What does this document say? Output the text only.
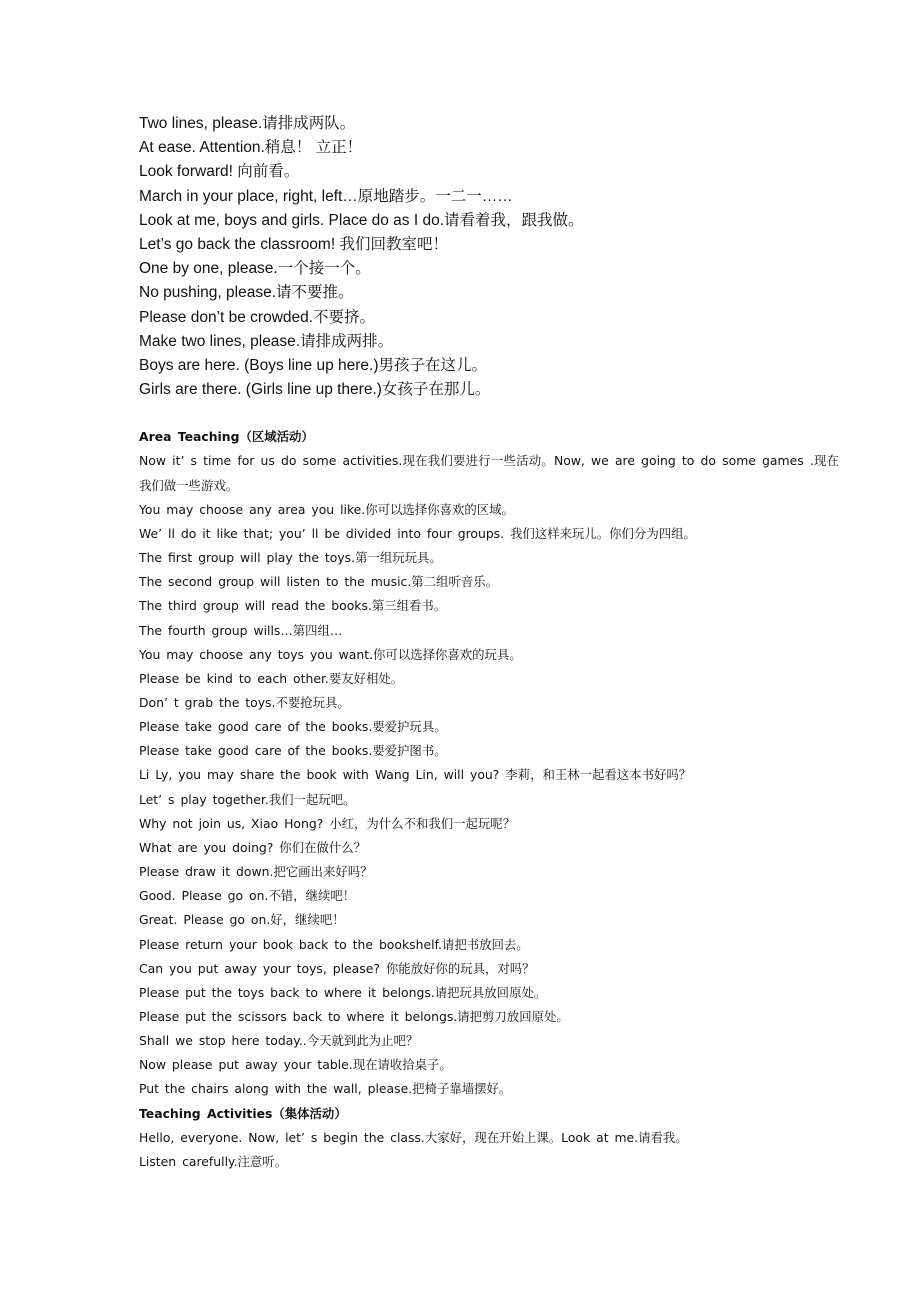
Two lines, please.请排成两队。
At ease. Attention.稍息！ 立正！
Look forward! 向前看。
March in your place, right, left…原地踏步。一二一……
Look at me, boys and girls. Place do as I do.请看着我，跟我做。
Let’s go back the classroom! 我们回教室吧！
One by one, please.一个接一个。
No pushing, please.请不要推。
Please don’t be crowded.不要挤。
Make two lines, please.请排成两排。
Boys are here. (Boys line up here.)男孩子在这儿。
Girls are there. (Girls line up there.)女孩子在那儿。
Area Teaching（区域活动）
Now it’ s time for us do some activities.现在我们要进行一些活动。Now, we are going to do some games .现在我们做一些游戏。
You may choose any area you like.你可以选择你喜欢的区域。
We’ ll do it like that; you’ ll be divided into four groups. 我们这样来玩儿。你们分为四组。
The first group will play the toys.第一组玩玩具。
The second group will listen to the music.第二组听音乐。
The third group will read the books.第三组看书。
The fourth group wills…第四组…
You may choose any toys you want.你可以选择你喜欢的玩具。
Please be kind to each other.要友好相处。
Don’ t grab the toys.不要抢玩具。
Please take good care of the books.要爱护玩具。
Please take good care of the books.要爱护图书。
Li Ly, you may share the book with Wang Lin, will you? 李莉，和王林一起看这本书好吗？
Let’ s play together.我们一起玩吧。
Why not join us, Xiao Hong? 小红，为什么不和我们一起玩呢？
What are you doing? 你们在做什么？
Please draw it down.把它画出来好吗？
Good. Please go on.不错，继续吧！
Great. Please go on.好，继续吧！
Please return your book back to the bookshelf.请把书放回去。
Can you put away your toys, please? 你能放好你的玩具，对吗？
Please put the toys back to where it belongs.请把玩具放回原处。
Please put the scissors back to where it belongs.请把剪刀放回原处。
Shall we stop here today..今天就到此为止吧？
Now please put away your table.现在请收拾桌子。
Put the chairs along with the wall, please.把椅子靠墙摆好。
Teaching Activities（集体活动）
Hello, everyone. Now, let’ s begin the class.大家好，现在开始上课。Look at me.请看我。
Listen carefully.注意听。
